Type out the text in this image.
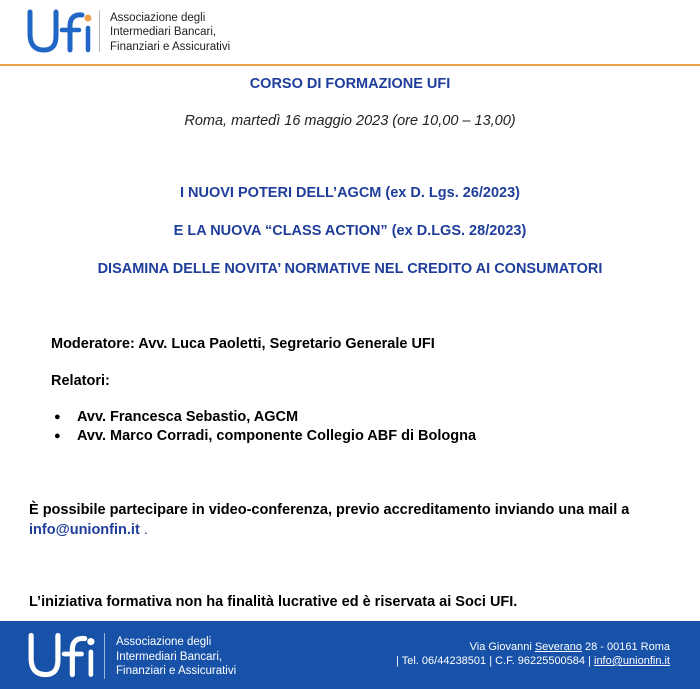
Associazione degli
Intermediari Bancari,
Finanziari e Assicurativi
CORSO DI FORMAZIONE UFI
Roma, martedì 16 maggio 2023 (ore 10,00 – 13,00)
I NUOVI POTERI DELL’AGCM (ex D. Lgs. 26/2023)
E LA NUOVA “CLASS ACTION” (ex D.LGS. 28/2023)
DISAMINA DELLE NOVITA’ NORMATIVE NEL CREDITO AI CONSUMATORI
Moderatore: Avv. Luca Paoletti, Segretario Generale UFI
Relatori:
● Avv. Francesca Sebastio, AGCM
● Avv. Marco Corradi, componente Collegio ABF di Bologna
È possibile partecipare in video-conferenza, previo accreditamento inviando una mail a info@unionfin.it .
L’iniziativa formativa non ha finalità lucrative ed è riservata ai Soci UFI.
Associazione degli
Intermediari Bancari,
Finanziari e Assicurativi
Via Giovanni Severano 28 - 00161 Roma
| Tel. 06/44238501 | C.F. 96225500584 | info@unionfin.it
